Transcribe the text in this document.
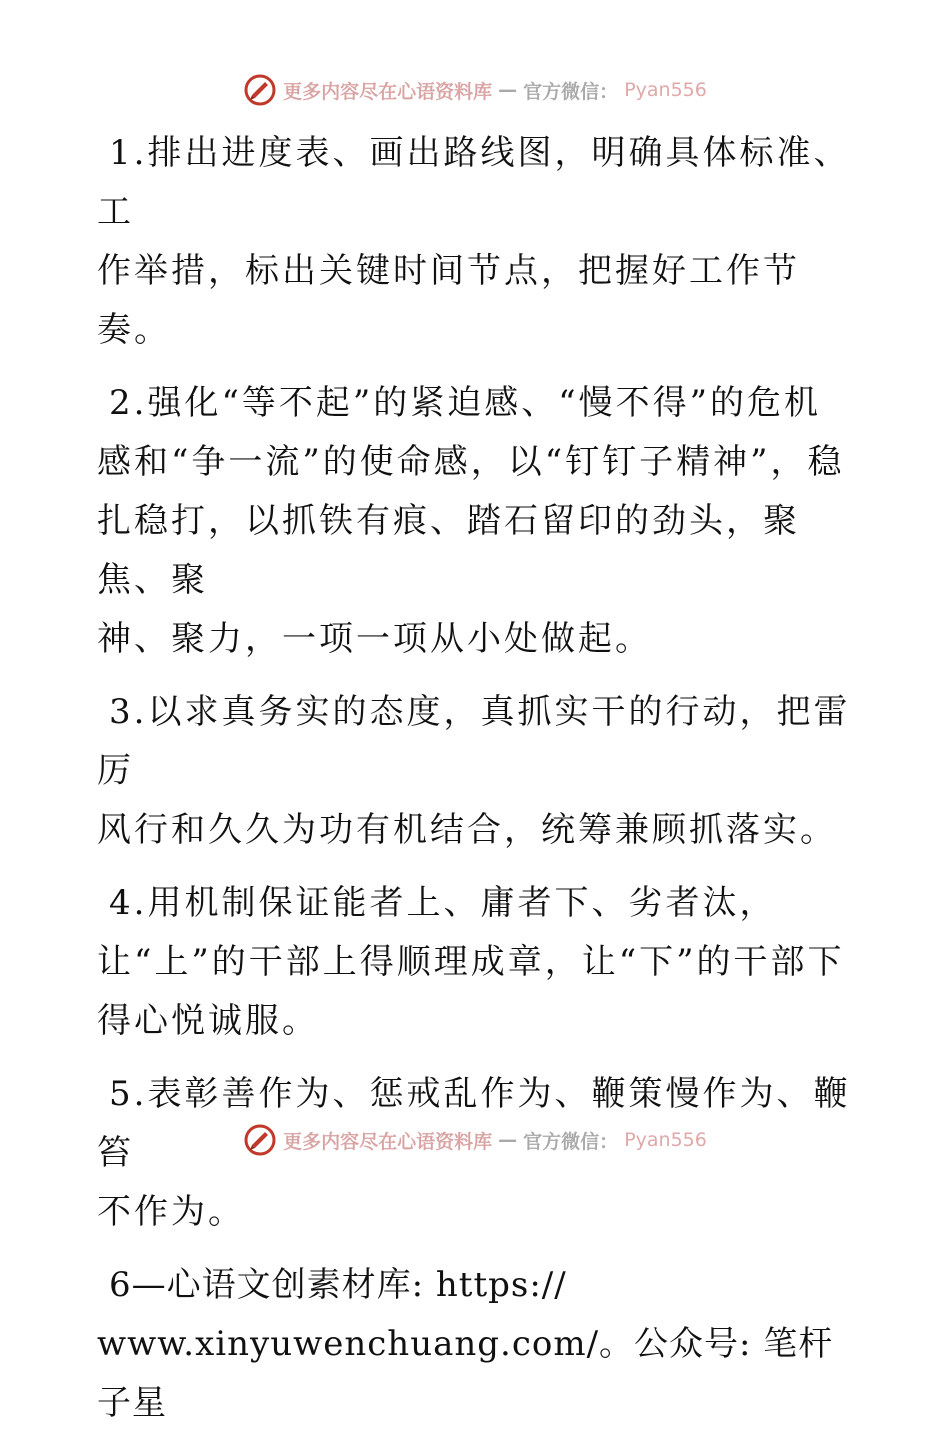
更多内容尽在心语资料库 — 官方微信： Pyan556

1.排出进度表、画出路线图，明确具体标准、工
作举措，标出关键时间节点，把握好工作节奏。

2.强化“等不起”的紧迫感、“慢不得”的危机
感和“争一流”的使命感，以“钉钉子精神”，稳
扎稳打，以抓铁有痕、踏石留印的劲头，聚焦、聚
神、聚力，一项一项从小处做起。

3.以求真务实的态度，真抓实干的行动，把雷厉
风行和久久为功有机结合，统筹兼顾抓落实。

4.用机制保证能者上、庸者下、劣者汰，
让“上”的干部上得顺理成章，让“下”的干部下
得心悦诚服。

5.表彰善作为、惩戒乱作为、鞭策慢作为、鞭笞
不作为。

6—心语文创素材库: https://
www.xinyuwenchuang.com/。公众号: 笔杆子星

更多内容尽在心语资料库 — 官方微信： Pyan556
